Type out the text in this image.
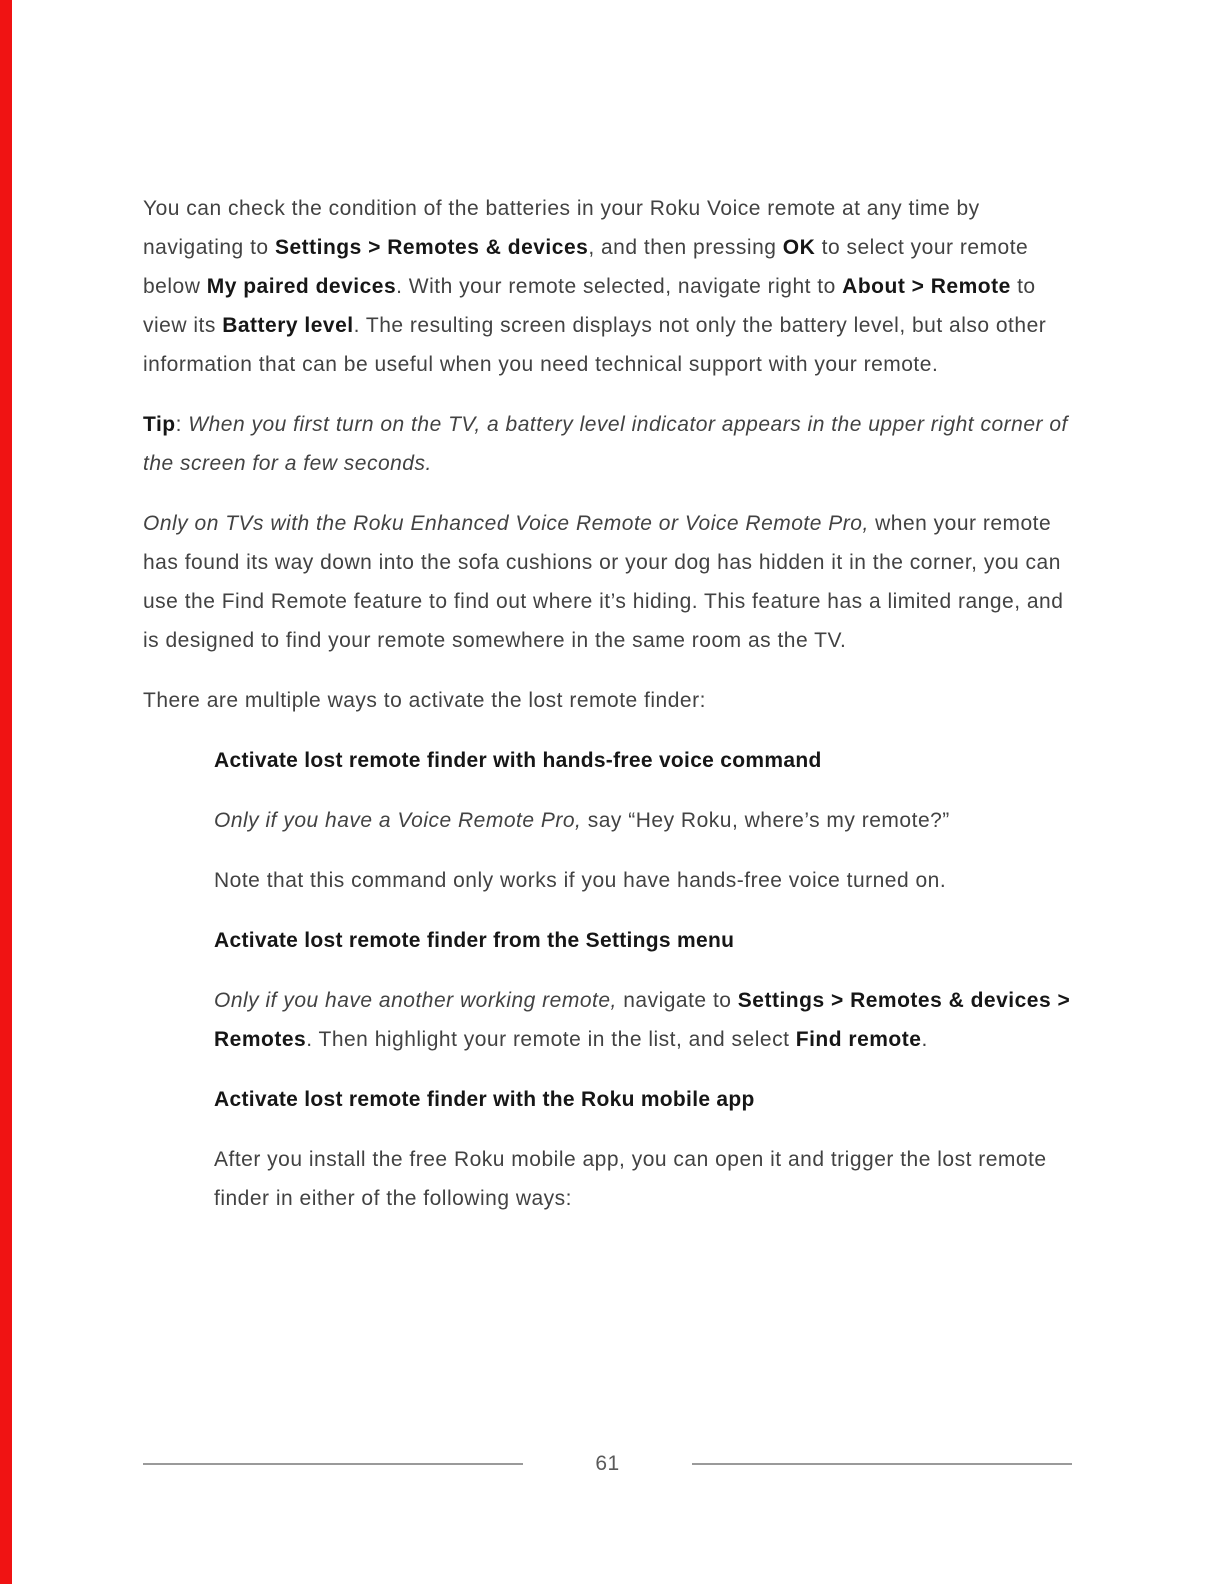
You can check the condition of the batteries in your Roku Voice remote at any time by navigating to Settings > Remotes & devices, and then pressing OK to select your remote below My paired devices. With your remote selected, navigate right to About > Remote to view its Battery level. The resulting screen displays not only the battery level, but also other information that can be useful when you need technical support with your remote.

Tip: When you first turn on the TV, a battery level indicator appears in the upper right corner of the screen for a few seconds.

Only on TVs with the Roku Enhanced Voice Remote or Voice Remote Pro, when your remote has found its way down into the sofa cushions or your dog has hidden it in the corner, you can use the Find Remote feature to find out where it’s hiding. This feature has a limited range, and is designed to find your remote somewhere in the same room as the TV.

There are multiple ways to activate the lost remote finder:

Activate lost remote finder with hands-free voice command

Only if you have a Voice Remote Pro, say “Hey Roku, where’s my remote?”

Note that this command only works if you have hands-free voice turned on.

Activate lost remote finder from the Settings menu

Only if you have another working remote, navigate to Settings > Remotes & devices > Remotes. Then highlight your remote in the list, and select Find remote.

Activate lost remote finder with the Roku mobile app

After you install the free Roku mobile app, you can open it and trigger the lost remote finder in either of the following ways:

61
